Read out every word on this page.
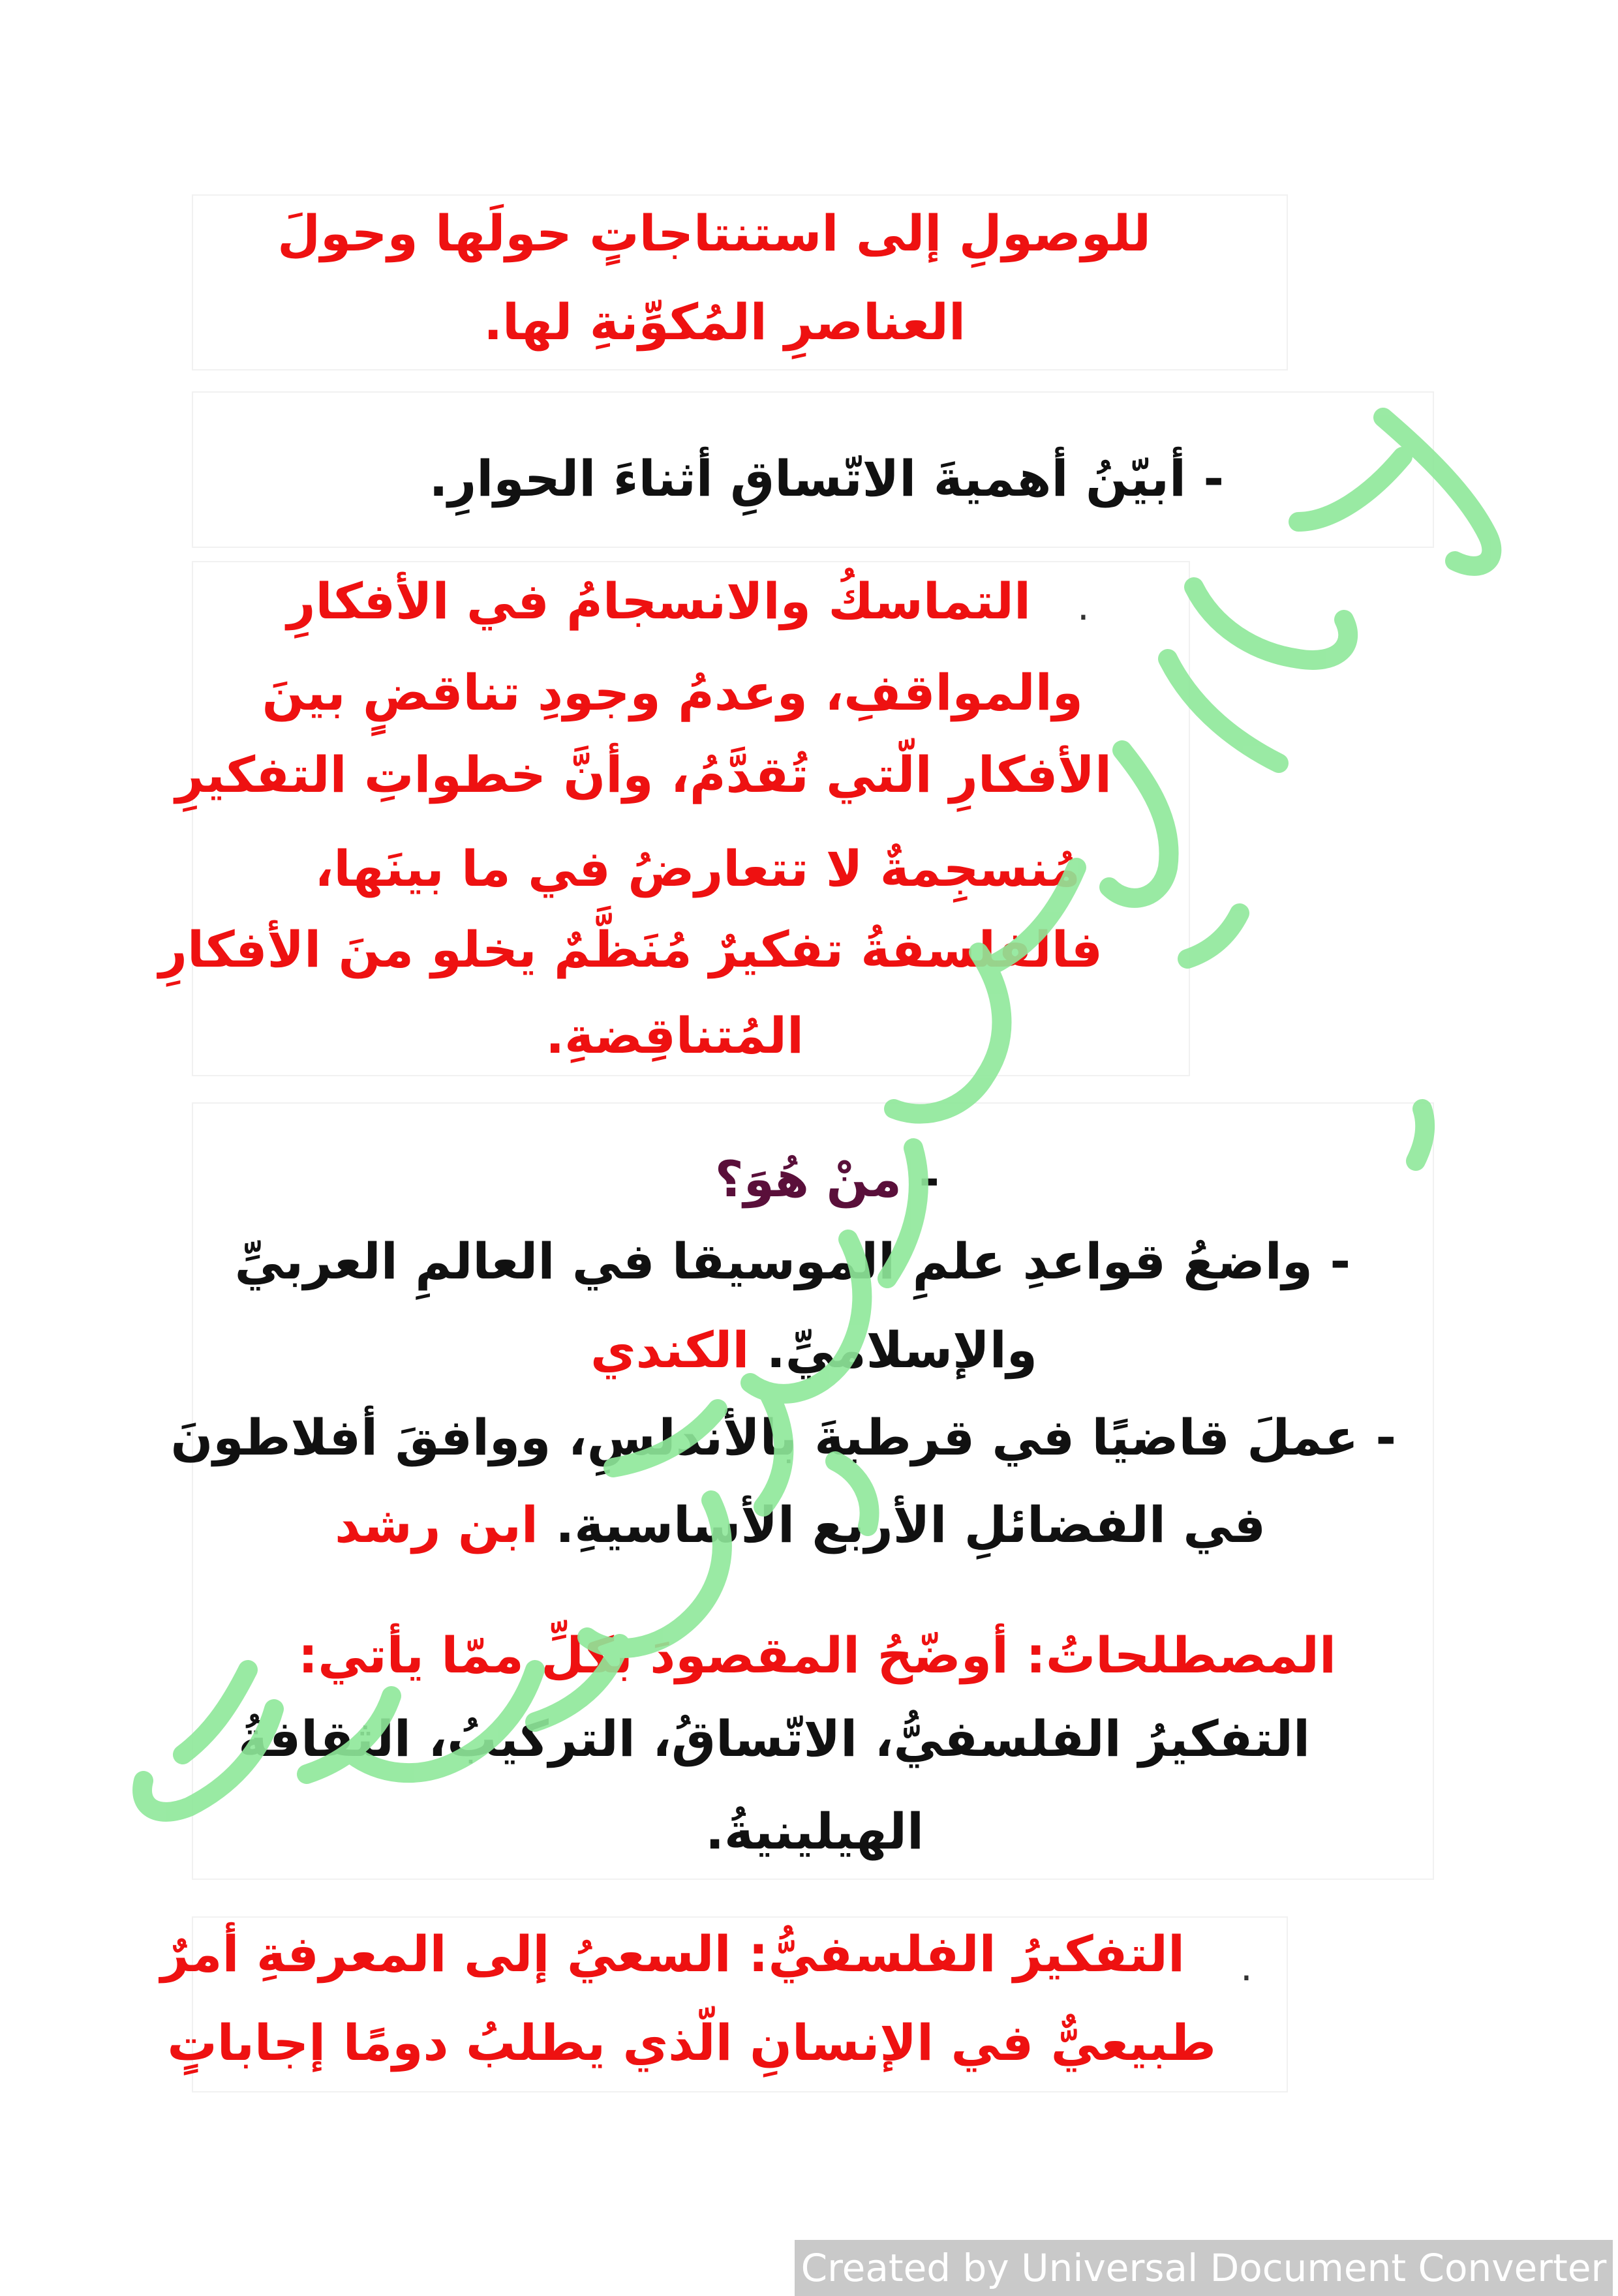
للوصولِ إلى استنتاجاتٍ حولَها وحولَ
العناصرِ المُكوِّنةِ لها.
- أبيّنُ أهميةَ الاتّساقِ أثناءَ الحوارِ.
.
التماسكُ والانسجامُ في الأفكارِ
والمواقفِ، وعدمُ وجودِ تناقضٍ بينَ
الأفكارِ الّتي تُقدَّمُ، وأنَّ خطواتِ التفكيرِ
مُنسجِمةٌ لا تتعارضُ في ما بينَها،
فالفلسفةُ تفكيرٌ مُنَظَّمٌ يخلو منَ الأفكارِ
المُتناقِضةِ.
- منْ هُوَ؟
- واضعُ قواعدِ علمِ الموسيقا في العالمِ العربيِّ
والإسلاميِّ. الكندي
- عملَ قاضيًا في قرطبةَ بالأندلسِ، ووافقَ أفلاطونَ
في الفضائلِ الأربع الأساسيةِ. ابن رشد
المصطلحاتُ: أوضّحُ المقصودَ بكلِّ ممّا يأتي:
التفكيرُ الفلسفيُّ، الاتّساقُ، التركيبُ، الثقافةُ
الهيلينيةُ.
.
التفكيرُ الفلسفيُّ: السعيُ إلى المعرفةِ أمرٌ
طبيعيٌّ في الإنسانِ الّذي يطلبُ دومًا إجاباتٍ
Created by Universal Document Converter
